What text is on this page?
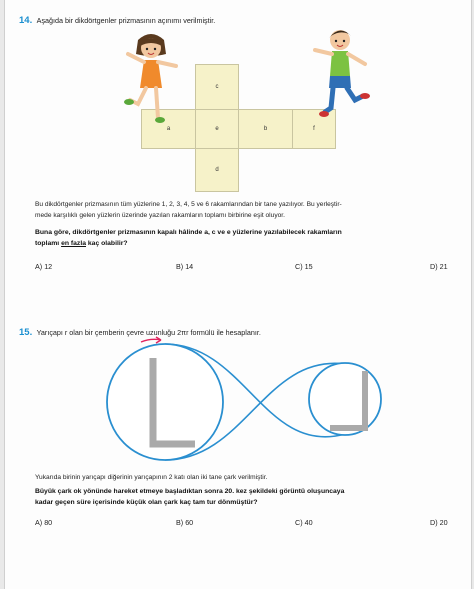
14. Aşağıda bir dikdörtgenler prizmasının açınımı verilmiştir.
c
a	e	b	f
d
Bu dikdörtgenler prizmasının tüm yüzlerine 1, 2, 3, 4, 5 ve 6 rakamlarından bir tane yazılıyor. Bu yerleştir-
mede karşılıklı gelen yüzlerin üzerinde yazılan rakamların toplamı birbirine eşit oluyor.
Buna göre, dikdörtgenler prizmasının kapalı hâlinde a, c ve e yüzlerine yazılabilecek rakamların
toplamı en fazla kaç olabilir?
A) 12	B) 14	C) 15	D) 21
15. Yarıçapı r olan bir çemberin çevre uzunluğu 2πr formülü ile hesaplanır.
Yukarıda birinin yarıçapı diğerinin yarıçapının 2 katı olan iki tane çark verilmiştir.
Büyük çark ok yönünde hareket etmeye başladıktan sonra 20. kez şekildeki görüntü oluşuncaya
kadar geçen süre içerisinde küçük olan çark kaç tam tur dönmüştür?
A) 80	B) 60	C) 40	D) 20
